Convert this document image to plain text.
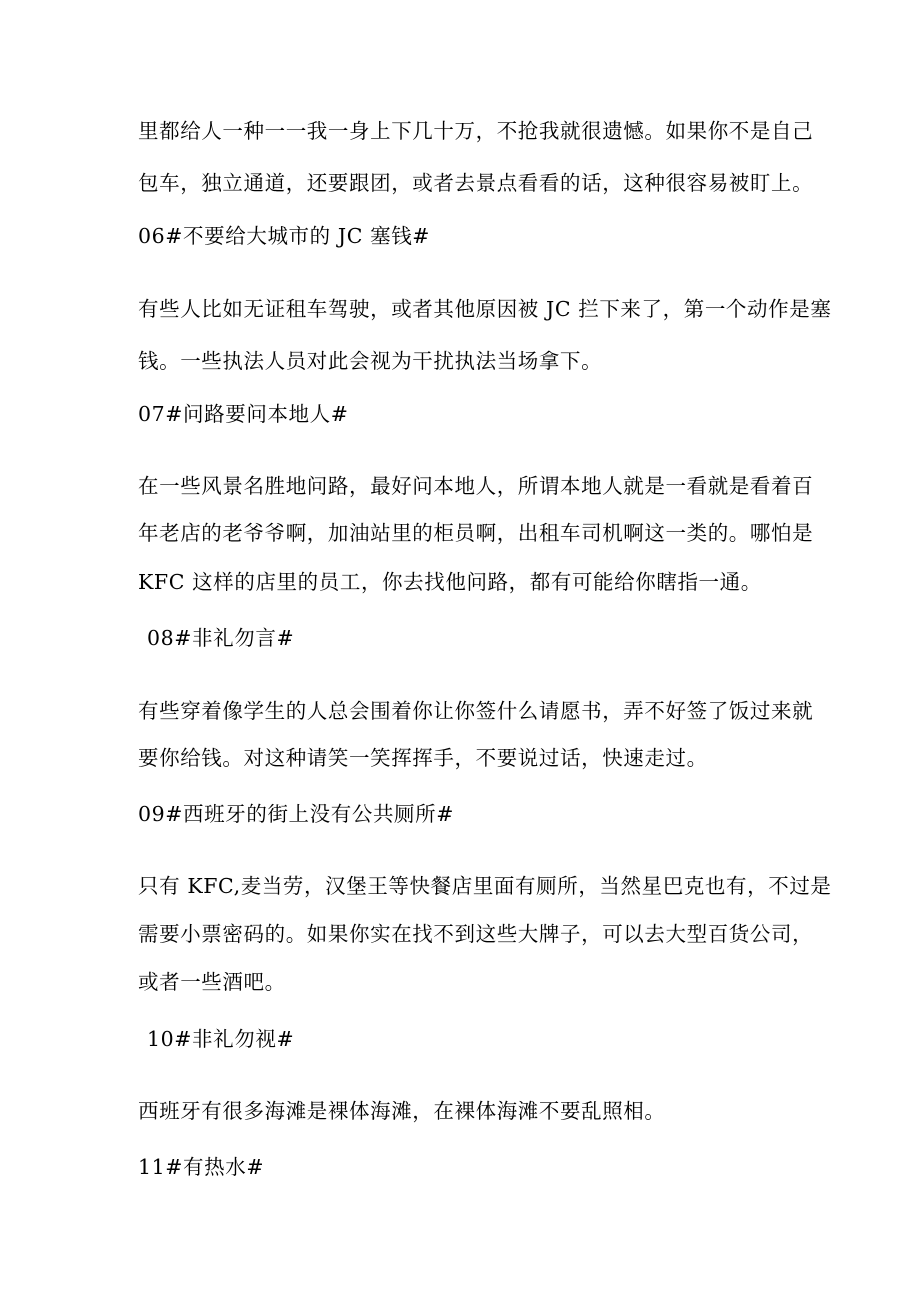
里都给人一种一一我一身上下几十万，不抢我就很遗憾。如果你不是自己
包车，独立通道，还要跟团，或者去景点看看的话，这种很容易被盯上。
06#不要给大城市的 JC 塞钱#
有些人比如无证租车驾驶，或者其他原因被 JC 拦下来了，第一个动作是塞
钱。一些执法人员对此会视为干扰执法当场拿下。
07#问路要问本地人#
在一些风景名胜地问路，最好问本地人，所谓本地人就是一看就是看着百
年老店的老爷爷啊，加油站里的柜员啊，出租车司机啊这一类的。哪怕是
KFC 这样的店里的员工，你去找他问路，都有可能给你瞎指一通。
08#非礼勿言#
有些穿着像学生的人总会围着你让你签什么请愿书，弄不好签了饭过来就
要你给钱。对这种请笑一笑挥挥手，不要说过话，快速走过。
09#西班牙的街上没有公共厕所#
只有 KFC,麦当劳，汉堡王等快餐店里面有厕所，当然星巴克也有，不过是
需要小票密码的。如果你实在找不到这些大牌子，可以去大型百货公司，
或者一些酒吧。
10#非礼勿视#
西班牙有很多海滩是裸体海滩，在裸体海滩不要乱照相。
11#有热水#
